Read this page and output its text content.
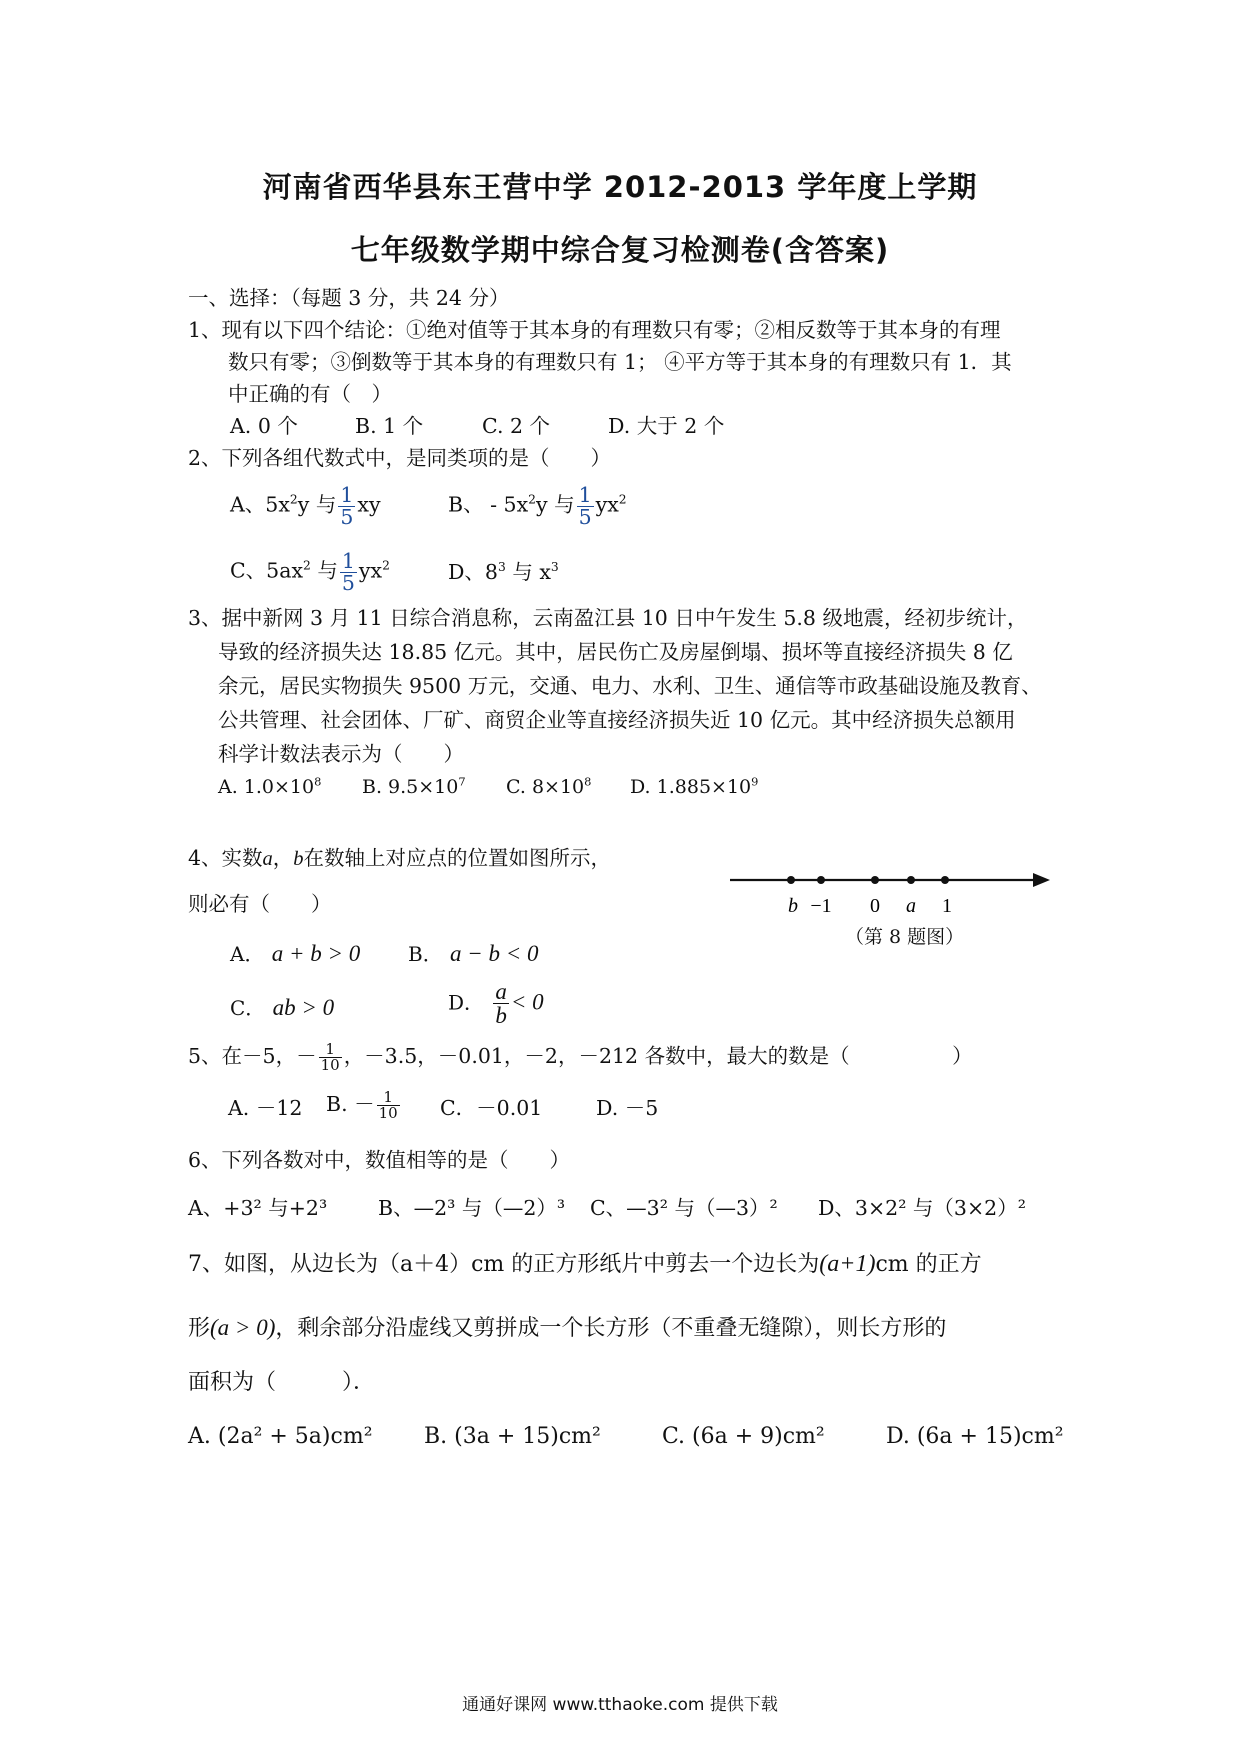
河南省西华县东王营中学 2012-2013 学年度上学期
七年级数学期中综合复习检测卷(含答案)
一、选择：（每题 3 分，共 24 分）
1、现有以下四个结论：①绝对值等于其本身的有理数只有零；②相反数等于其本身的有理
数只有零；③倒数等于其本身的有理数只有 1； ④平方等于其本身的有理数只有 1．其
中正确的有（　）
A. 0 个	B. 1 个	C. 2 个	D. 大于 2 个
2、下列各组代数式中，是同类项的是（　　）
A、$5x^2y$ 与 $\frac{1}{5}$ xy	B、 - $5x^2y$ 与 $\frac{1}{5} yx^2$
C、$5ax^2$ 与 $\frac{1}{5} yx^2$	D、$8^3$ 与 $x^3$
3、据中新网 3 月 11 日综合消息称，云南盈江县 10 日中午发生 5.8 级地震，经初步统计，
导致的经济损失达 18.85 亿元。其中，居民伤亡及房屋倒塌、损坏等直接经济损失 8 亿
余元，居民实物损失 9500 万元，交通、电力、水利、卫生、通信等市政基础设施及教育、
公共管理、社会团体、厂矿、商贸企业等直接经济损失近 10 亿元。其中经济损失总额用
科学计数法表示为（　　）
A. $1.0\times 10^8$ B. $9.5\times 10^7$ C. $8\times 10^8$ D. $1.885\times 10^9$
4、实数a，b在数轴上对应点的位置如图所示，
则必有（　　）	b −1 0 a 1
（第 8 题图）
A． a + b > 0 B． a − b < 0
C． ab > 0	D． $\frac{a}{b} < 0$
5、在－5，－ $\frac{1}{10}$ ，－3.5，－0.01，－2，－212 各数中，最大的数是（　　　　　）
A. －12 B. － $\frac{1}{10}$ C．－0.01	D. －5
6、下列各数对中，数值相等的是（　　）
A、+3² 与+2³ B、—2³ 与（—2）³ C、—3² 与（—3）² D、3×2² 与（3×2）²
7、如图，从边长为（a＋4）cm 的正方形纸片中剪去一个边长为(a+1)cm 的正方
形(a > 0)，剩余部分沿虚线又剪拼成一个长方形（不重叠无缝隙），则长方形的
面积为（　　　）．
A. (2a² + 5a)cm² B. (3a + 15)cm²	C. (6a + 9)cm²	D. (6a + 15)cm²
通通好课网 www.tthaoke.com 提供下载
